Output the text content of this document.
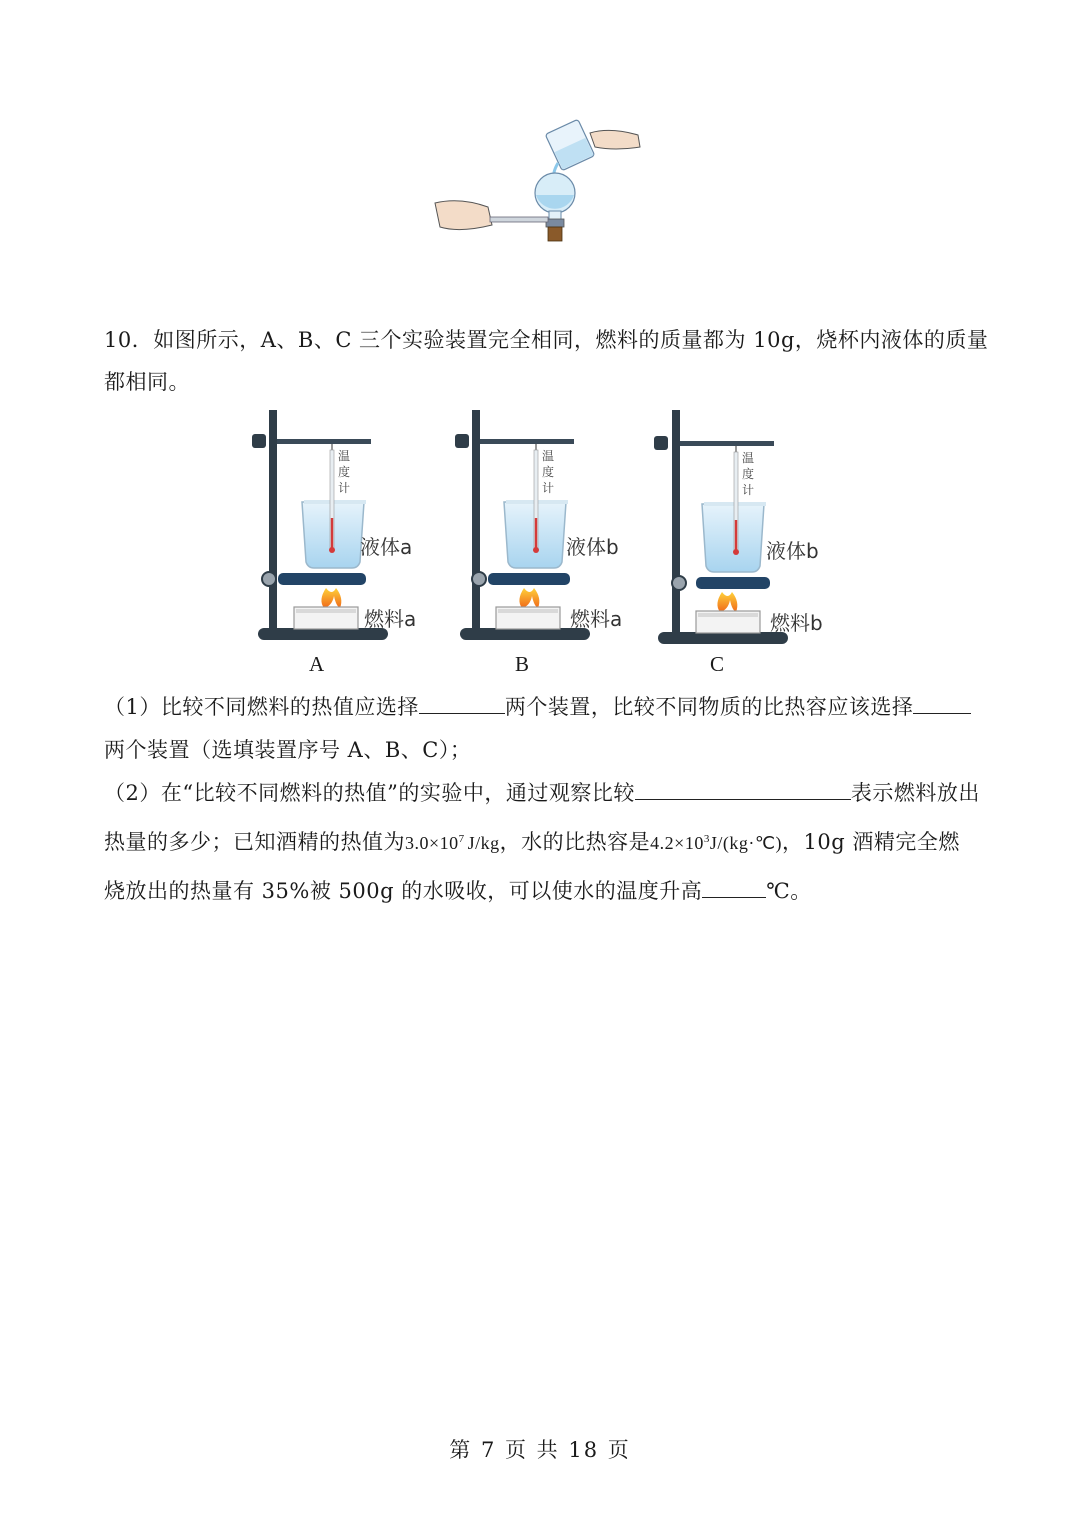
10．如图所示，A、B、C 三个实验装置完全相同，燃料的质量都为 10g，烧杯内液体的质量
都相同。
温
度
计
温
度
计
温
度
计
液体a
燃料a
A
液体b
燃料a
B
液体b
燃料b
C
（1）比较不同燃料的热值应选择	两个装置，比较不同物质的比热容应该选择
两个装置（选填装置序号 A、B、C）；
（2）在“比较不同燃料的热值”的实验中，通过观察比较	表示燃料放出
热量的多少；已知酒精的热值为$3.0\times 10^7$ J/kg，水的比热容是$4.2\times 10^3J/(kg\cdot℃)$，10g 酒精完全燃
烧放出的热量有 35%被 500g 的水吸收，可以使水的温度升高	℃。
第 7 页 共 18 页
